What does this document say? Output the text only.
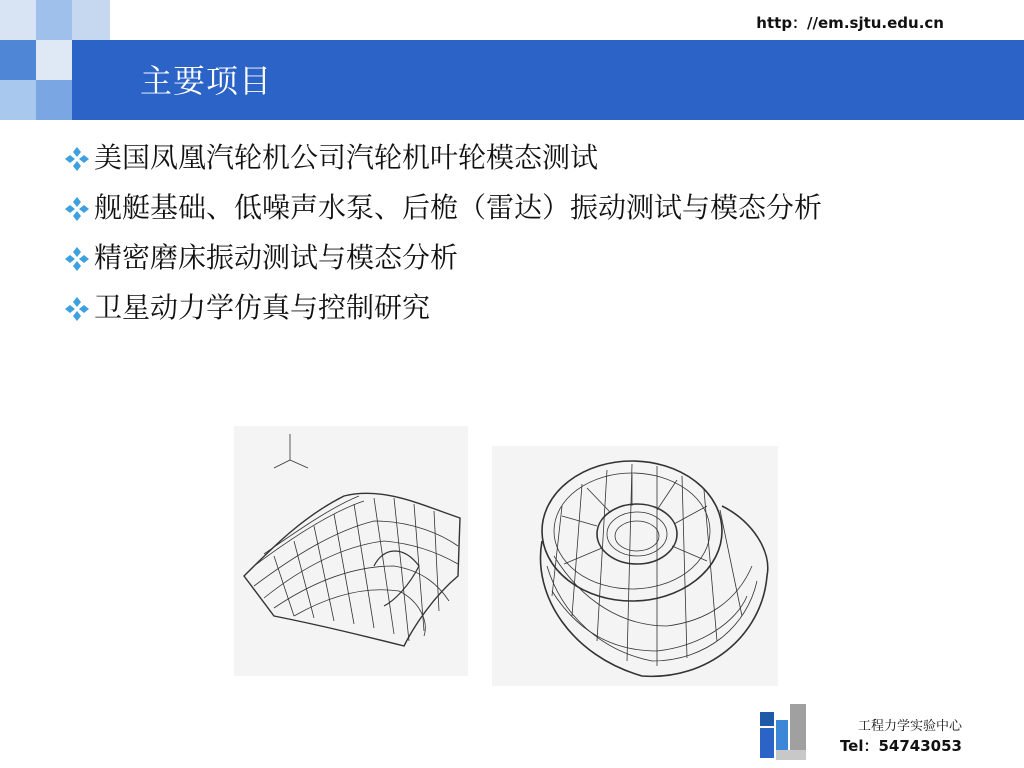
http：//em.sjtu.edu.cn
主要项目
美国凤凰汽轮机公司汽轮机叶轮模态测试
舰艇基础、低噪声水泵、后桅（雷达）振动测试与模态分析
精密磨床振动测试与模态分析
卫星动力学仿真与控制研究
工程力学实验中心
Tel：54743053
